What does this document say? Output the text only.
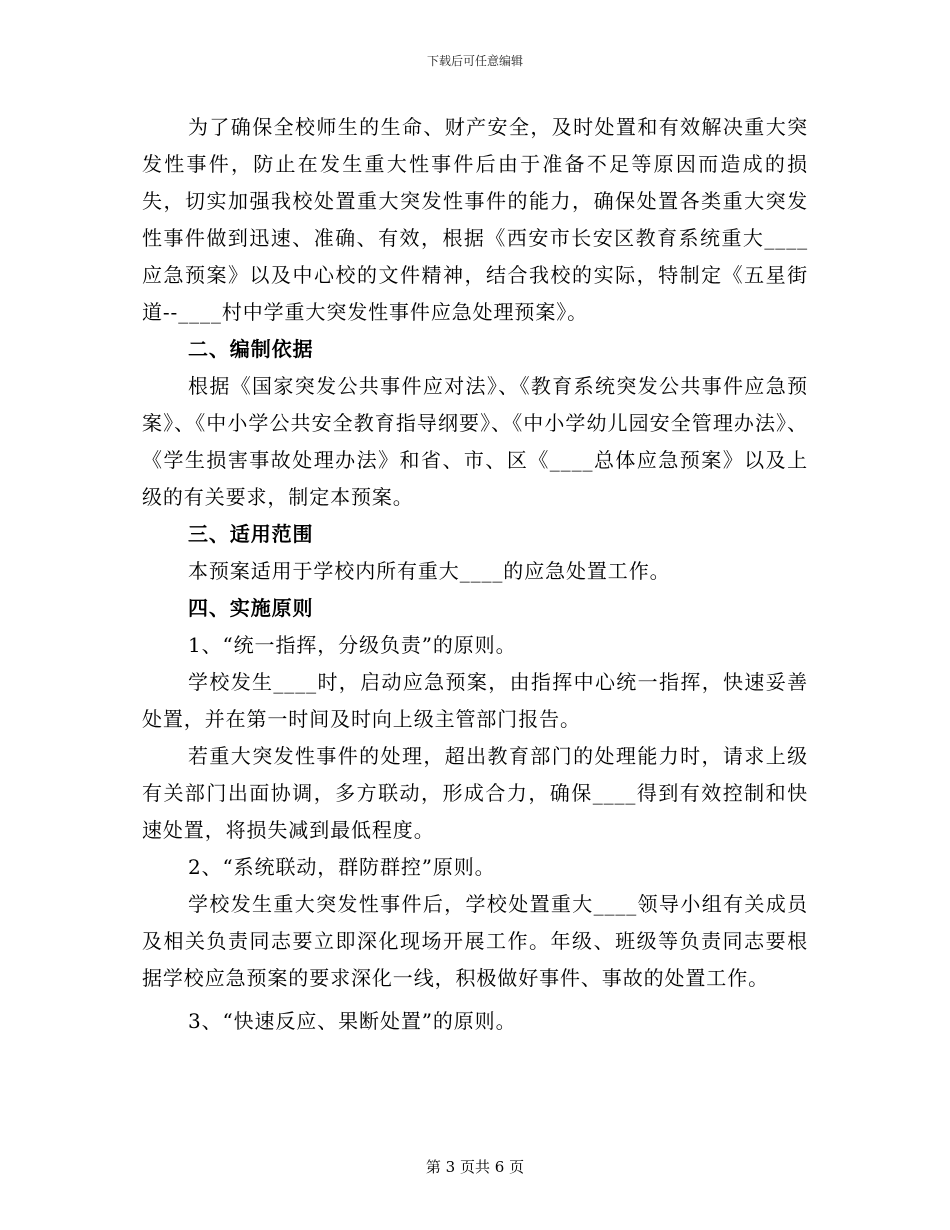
下载后可任意编辑

为了确保全校师生的生命、财产安全，及时处置和有效解决重大突发性事件，防止在发生重大性事件后由于准备不足等原因而造成的损失，切实加强我校处置重大突发性事件的能力，确保处置各类重大突发性事件做到迅速、准确、有效，根据《西安市长安区教育系统重大____应急预案》以及中心校的文件精神，结合我校的实际，特制定《五星街道--____村中学重大突发性事件应急处理预案》。

二、编制依据

根据《国家突发公共事件应对法》、《教育系统突发公共事件应急预案》、《中小学公共安全教育指导纲要》、《中小学幼儿园安全管理办法》、《学生损害事故处理办法》和省、市、区《____总体应急预案》以及上级的有关要求，制定本预案。

三、适用范围

本预案适用于学校内所有重大____的应急处置工作。

四、实施原则

1、“统一指挥，分级负责”的原则。

学校发生____时，启动应急预案，由指挥中心统一指挥，快速妥善处置，并在第一时间及时向上级主管部门报告。

若重大突发性事件的处理，超出教育部门的处理能力时，请求上级有关部门出面协调，多方联动，形成合力，确保____得到有效控制和快速处置，将损失减到最低程度。

2、“系统联动，群防群控”原则。

学校发生重大突发性事件后，学校处置重大____领导小组有关成员及相关负责同志要立即深化现场开展工作。年级、班级等负责同志要根据学校应急预案的要求深化一线，积极做好事件、事故的处置工作。

3、“快速反应、果断处置”的原则。

第 3 页共 6 页
